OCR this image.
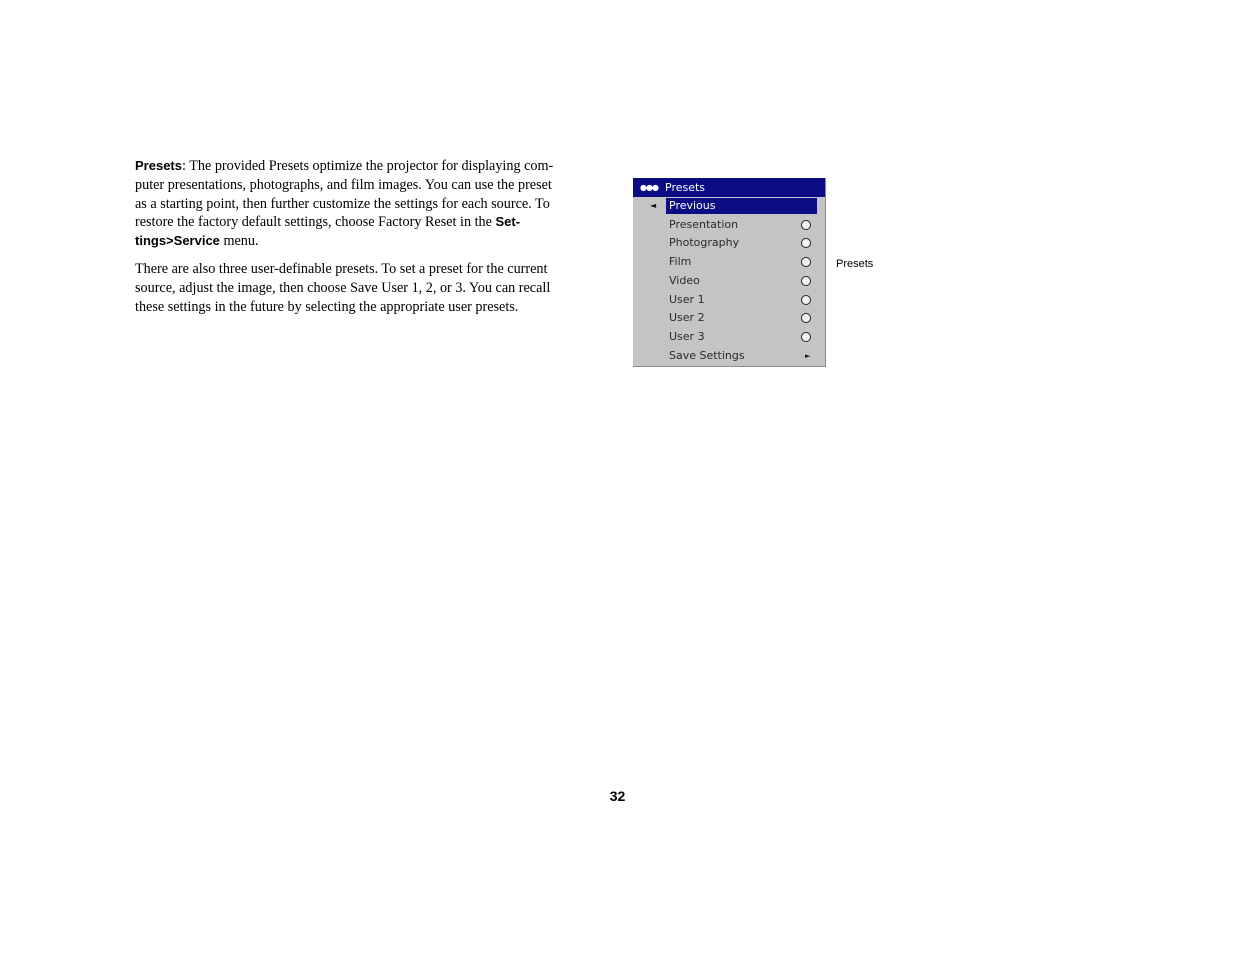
Presets: The provided Presets optimize the projector for displaying com-
puter presentations, photographs, and film images. You can use the preset
as a starting point, then further customize the settings for each source. To
restore the factory default settings, choose Factory Reset in the Set-
tings>Service menu.

There are also three user-definable presets. To set a preset for the current
source, adjust the image, then choose Save User 1, 2, or 3. You can recall
these settings in the future by selecting the appropriate user presets.

●●● Presets
◄ Previous
Presentation
Photography
Film
Video
User 1
User 2
User 3
Save Settings	►
Presets
32
